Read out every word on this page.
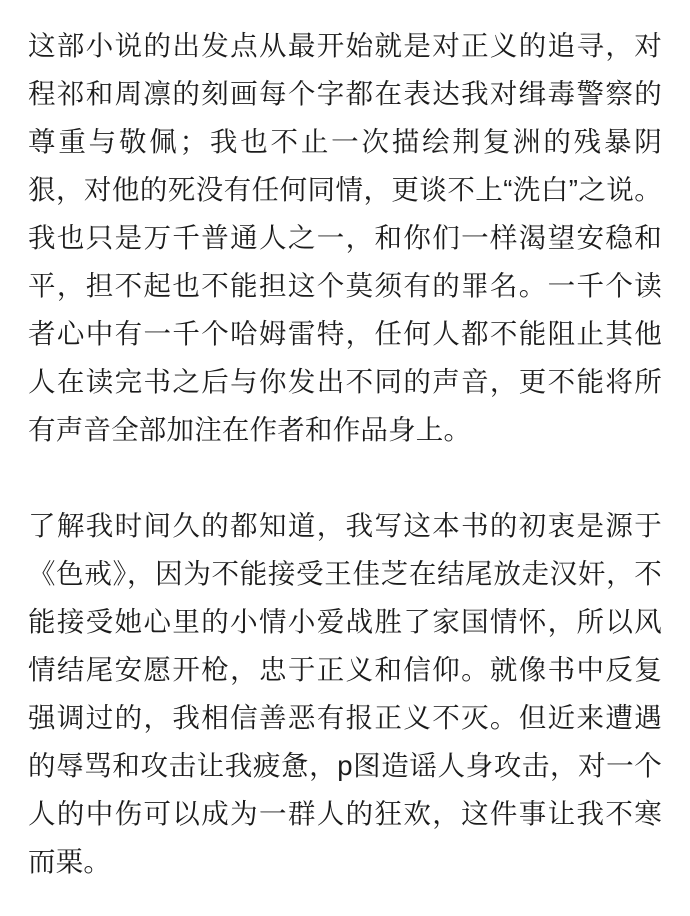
这部小说的出发点从最开始就是对正义的追寻，对程祁和周凛的刻画每个字都在表达我对缉毒警察的尊重与敬佩；我也不止一次描绘荆复洲的残暴阴狠，对他的死没有任何同情，更谈不上“洗白”之说。我也只是万千普通人之一，和你们一样渴望安稳和平，担不起也不能担这个莫须有的罪名。一千个读者心中有一千个哈姆雷特，任何人都不能阻止其他人在读完书之后与你发出不同的声音，更不能将所有声音全部加注在作者和作品身上。

了解我时间久的都知道，我写这本书的初衷是源于《色戒》，因为不能接受王佳芝在结尾放走汉奸，不能接受她心里的小情小爱战胜了家国情怀，所以风情结尾安愿开枪，忠于正义和信仰。就像书中反复强调过的，我相信善恶有报正义不灭。但近来遭遇的辱骂和攻击让我疲惫，p图造谣人身攻击，对一个人的中伤可以成为一群人的狂欢，这件事让我不寒而栗。
